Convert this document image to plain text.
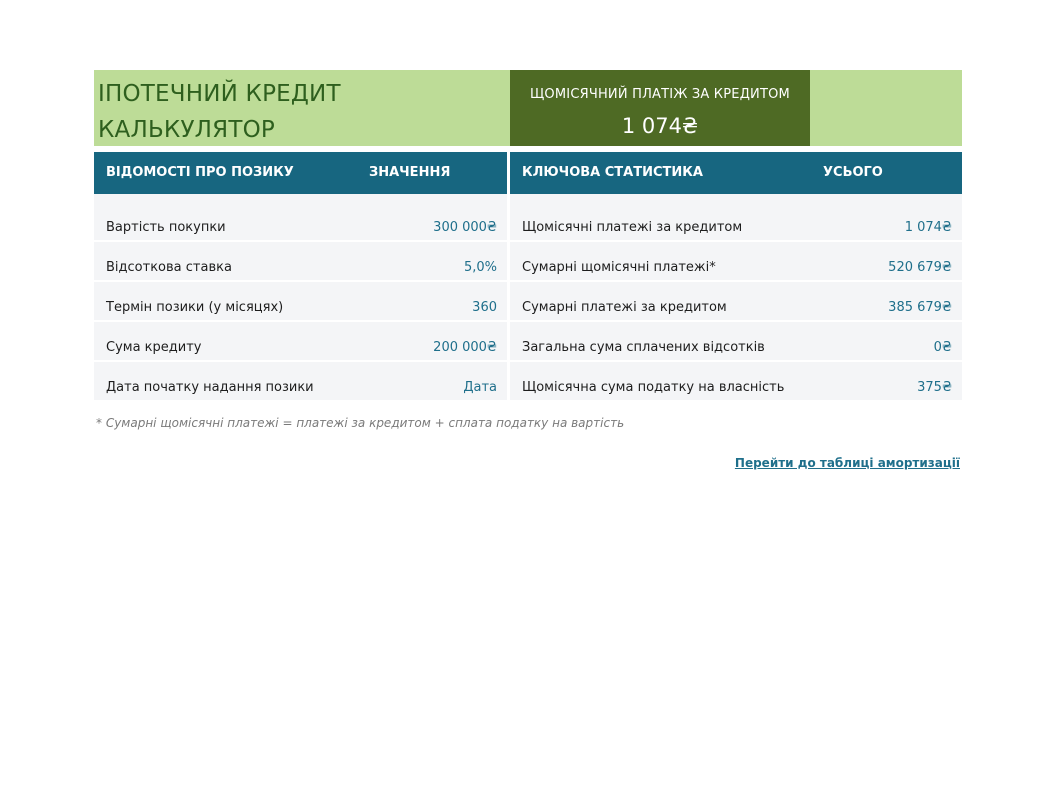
ІПОТЕЧНИЙ КРЕДИТ
КАЛЬКУЛЯТОР
ЩОМІСЯЧНИЙ ПЛАТІЖ ЗА КРЕДИТОМ
1 074₴
ВІДОМОСТІ ПРО ПОЗИКУ	ЗНАЧЕННЯ
Вартість покупки	300 000₴
Відсоткова ставка	5,0%
Термін позики (у місяцях)	360
Сума кредиту	200 000₴
Дата початку надання позики	Дата
КЛЮЧОВА СТАТИСТИКА	УСЬОГО
Щомісячні платежі за кредитом	1 074₴
Сумарні щомісячні платежі*	520 679₴
Сумарні платежі за кредитом	385 679₴
Загальна сума сплачених відсотків	0₴
Щомісячна сума податку на власність	375₴
* Сумарні щомісячні платежі = платежі за кредитом + сплата податку на вартість
Перейти до таблиці амортизації
